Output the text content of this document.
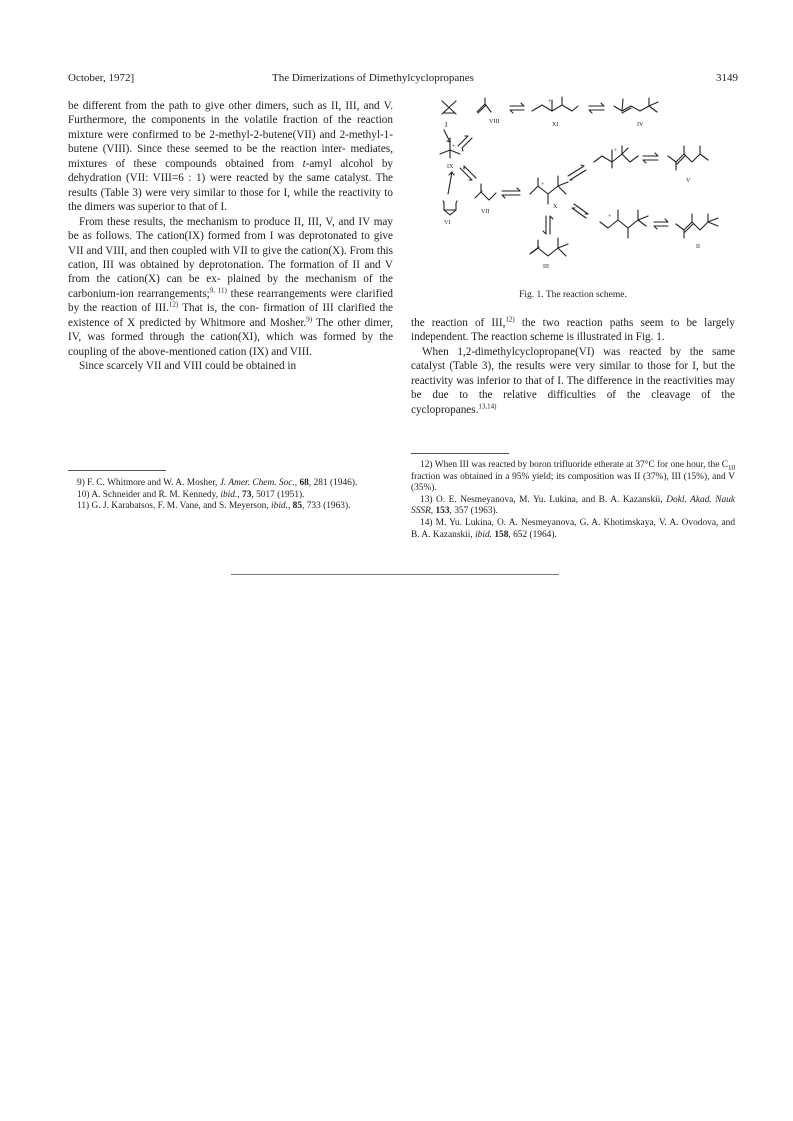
October, 1972]	The Dimerizations of Dimethylcyclopropanes	3149

be different from the path to give other dimers, such as II, III, and V. Furthermore, the components in the volatile fraction of the reaction mixture were confirmed to be 2-methyl-2-butene(VII) and 2-methyl-1-butene (VIII). Since these seemed to be the reaction inter- mediates, mixtures of these compounds obtained from t-amyl alcohol by dehydration (VII: VIII=6 : 1) were reacted by the same catalyst. The results (Table 3) were very similar to those for I, while the reactivity to the dimers was superior to that of I.

From these results, the mechanism to produce II, III, V, and IV may be as follows. The cation(IX) formed from I was deprotonated to give VII and VIII, and then coupled with VII to give the cation(X). From this cation, III was obtained by deprotonation. The formation of II and V from the cation(X) can be ex- plained by the mechanism of the carbonium-ion rearrangements;$^{9, 11)}$ these rearrangements were clarified by the reaction of III.$^{12)}$ That is, the con- firmation of III clarified the existence of X predicted by Whitmore and Mosher.$^{9)}$ The other dimer, IV, was formed through the cation(XI), which was formed by the coupling of the above-mentioned cation (IX) and VIII.

Since scarcely VII and VIII could be obtained in

9) F. C. Whitmore and W. A. Mosher, J. Amer. Chem. Soc., 68, 281 (1946).

10) A. Schneider and R. M. Kennedy, ibid., 73, 5017 (1951).

11) G. J. Karabatsos, F. M. Vane, and S. Meyerson, ibid., 85, 733 (1963).

I	VIII
+
XI	IV
+
IX
VI
VII
+
X
+
V
+
II
III
Fig. 1. The reaction scheme.

the reaction of III,$^{12)}$ the two reaction paths seem to be largely independent. The reaction scheme is illustrated in Fig. 1.

When 1,2-dimethylcyclopropane(VI) was reacted by the same catalyst (Table 3), the results were very similar to those for I, but the reactivity was inferior to that of I. The difference in the reactivities may be due to the relative difficulties of the cleavage of the cyclopropanes.$^{13,14)}$

12) When III was reacted by boron trifluoride etherate at 37°C for one hour, the $C_{10}$ fraction was obtained in a 95% yield; its composition was II (37%), III (15%), and V (35%).

13) O. E. Nesmeyanova, M. Yu. Lukina, and B. A. Kazanskii, Dokl. Akad. Nauk SSSR, 153, 357 (1963).

14) M. Yu. Lukina, O. A. Nesmeyanova, G. A. Khotimskaya, V. A. Ovodova, and B. A. Kazanskii, ibid. 158, 652 (1964).
